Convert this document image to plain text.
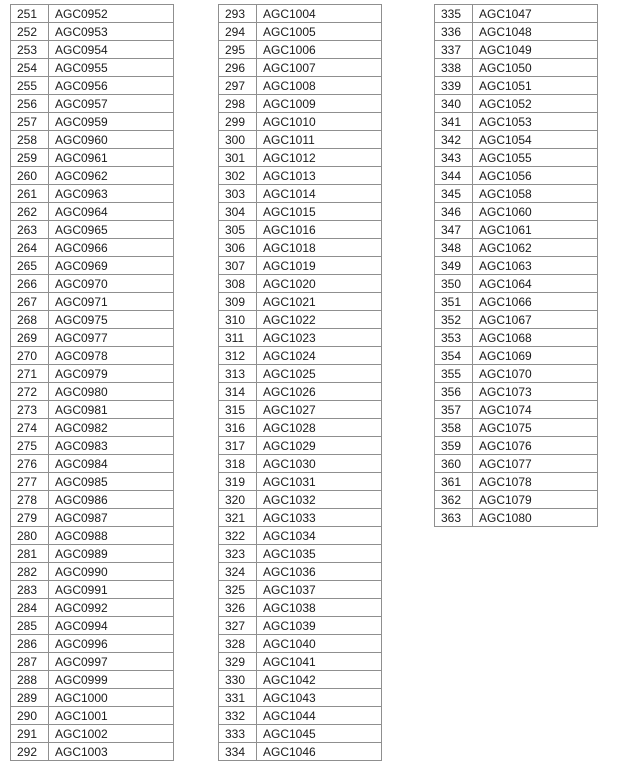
251	AGC0952
252	AGC0953
253	AGC0954
254	AGC0955
255	AGC0956
256	AGC0957
257	AGC0959
258	AGC0960
259	AGC0961
260	AGC0962
261	AGC0963
262	AGC0964
263	AGC0965
264	AGC0966
265	AGC0969
266	AGC0970
267	AGC0971
268	AGC0975
269	AGC0977
270	AGC0978
271	AGC0979
272	AGC0980
273	AGC0981
274	AGC0982
275	AGC0983
276	AGC0984
277	AGC0985
278	AGC0986
279	AGC0987
280	AGC0988
281	AGC0989
282	AGC0990
283	AGC0991
284	AGC0992
285	AGC0994
286	AGC0996
287	AGC0997
288	AGC0999
289	AGC1000
290	AGC1001
291	AGC1002
292	AGC1003
293	AGC1004
294	AGC1005
295	AGC1006
296	AGC1007
297	AGC1008
298	AGC1009
299	AGC1010
300	AGC1011
301	AGC1012
302	AGC1013
303	AGC1014
304	AGC1015
305	AGC1016
306	AGC1018
307	AGC1019
308	AGC1020
309	AGC1021
310	AGC1022
311	AGC1023
312	AGC1024
313	AGC1025
314	AGC1026
315	AGC1027
316	AGC1028
317	AGC1029
318	AGC1030
319	AGC1031
320	AGC1032
321	AGC1033
322	AGC1034
323	AGC1035
324	AGC1036
325	AGC1037
326	AGC1038
327	AGC1039
328	AGC1040
329	AGC1041
330	AGC1042
331	AGC1043
332	AGC1044
333	AGC1045
334	AGC1046
335	AGC1047
336	AGC1048
337	AGC1049
338	AGC1050
339	AGC1051
340	AGC1052
341	AGC1053
342	AGC1054
343	AGC1055
344	AGC1056
345	AGC1058
346	AGC1060
347	AGC1061
348	AGC1062
349	AGC1063
350	AGC1064
351	AGC1066
352	AGC1067
353	AGC1068
354	AGC1069
355	AGC1070
356	AGC1073
357	AGC1074
358	AGC1075
359	AGC1076
360	AGC1077
361	AGC1078
362	AGC1079
363	AGC1080
